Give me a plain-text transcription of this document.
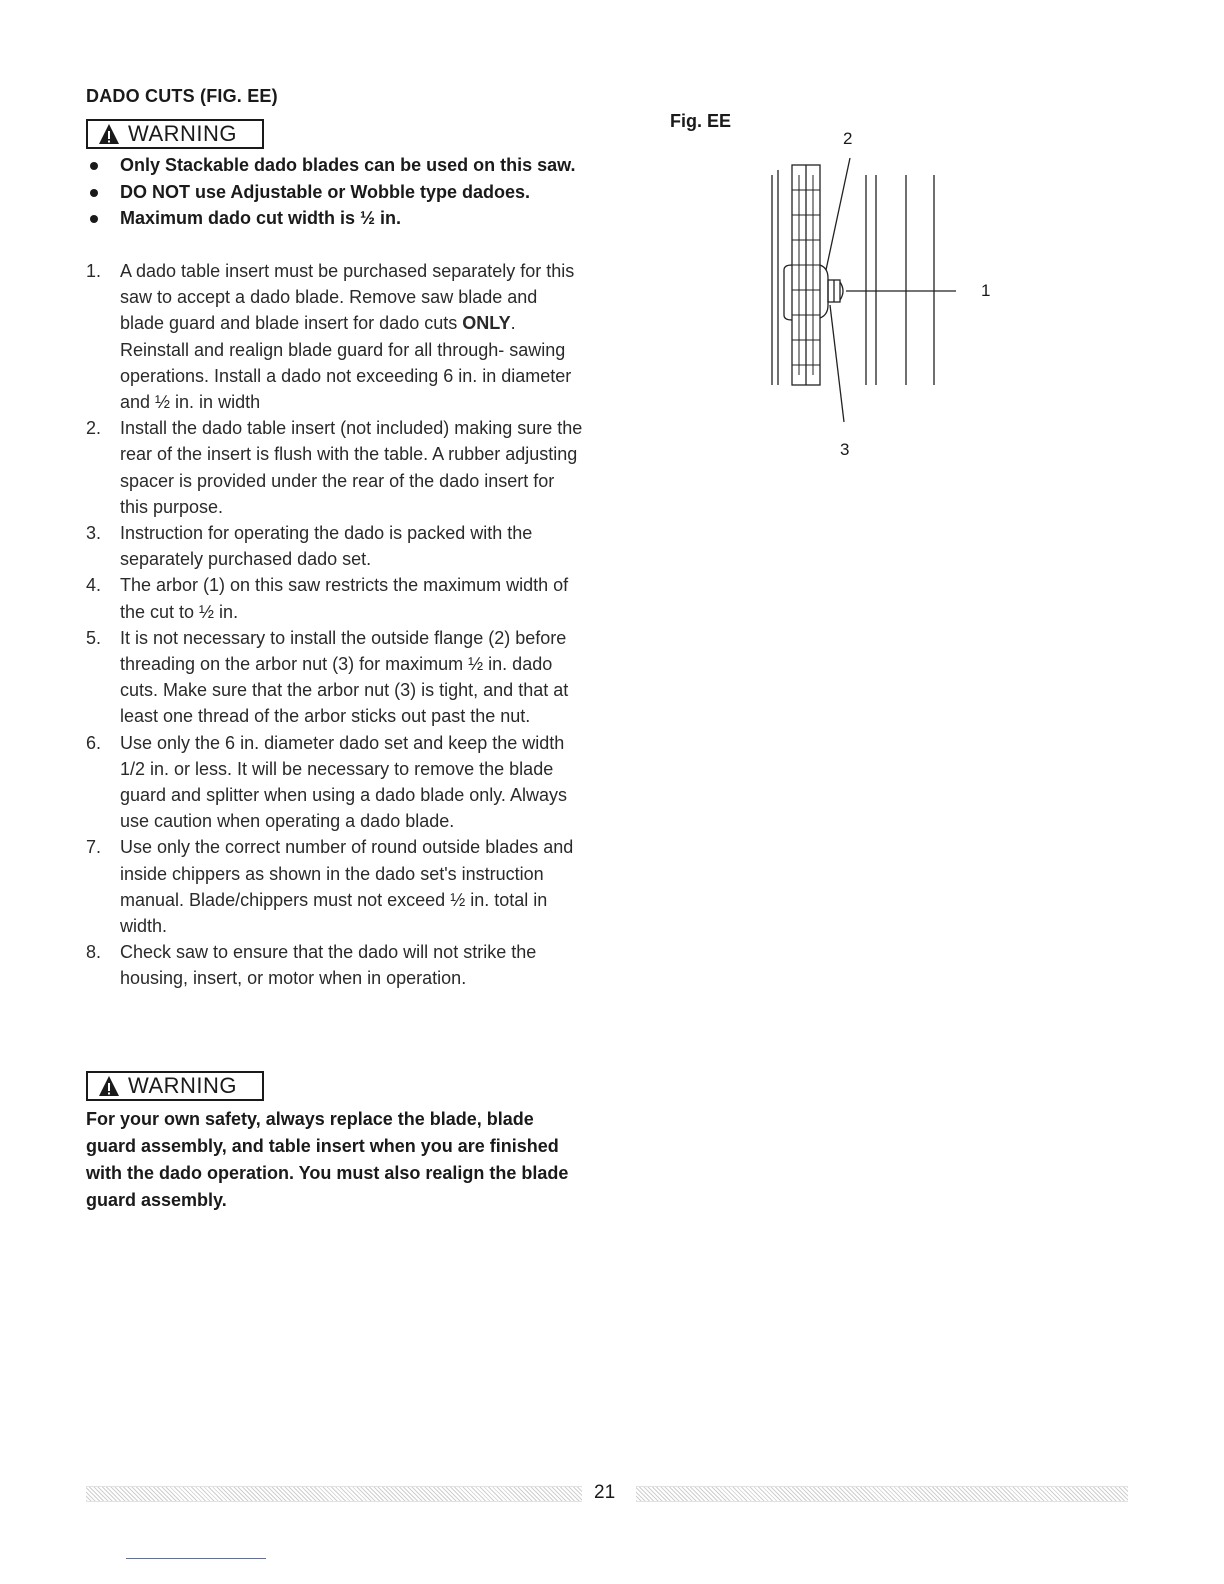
DADO CUTS (FIG. EE)
WARNING
Only Stackable dado blades can be used on this saw.
DO NOT use Adjustable or Wobble type dadoes.
Maximum dado cut width is ½ in.
1. A dado table insert must be purchased separately for this saw to accept a dado blade. Remove saw blade and blade guard and blade insert for dado cuts ONLY. Reinstall and realign blade guard for all through- sawing operations. Install a dado not exceeding 6 in. in diameter and ½ in. in width
2. Install the dado table insert (not included) making sure the rear of the insert is flush with the table. A rubber adjusting spacer is provided under the rear of the dado insert for this purpose.
3. Instruction for operating the dado is packed with the separately purchased dado set.
4. The arbor (1) on this saw restricts the maximum width of the cut to ½ in.
5. It is not necessary to install the outside flange (2) before threading on the arbor nut (3) for maximum ½ in. dado cuts. Make sure that the arbor nut (3) is tight, and that at least one thread of the arbor sticks out past the nut.
6. Use only the 6 in. diameter dado set and keep the width 1/2 in. or less. It will be necessary to remove the blade guard and splitter when using a dado blade only. Always use caution when operating a dado blade.
7. Use only the correct number of round outside blades and inside chippers as shown in the dado set's instruction manual. Blade/chippers must not exceed ½ in. total in width.
8. Check saw to ensure that the dado will not strike the housing, insert, or motor when in operation.
WARNING
For your own safety, always replace the blade, blade guard assembly, and table insert when you are finished with the dado operation. You must also realign the blade guard assembly.
Fig. EE
2
1
3
21
